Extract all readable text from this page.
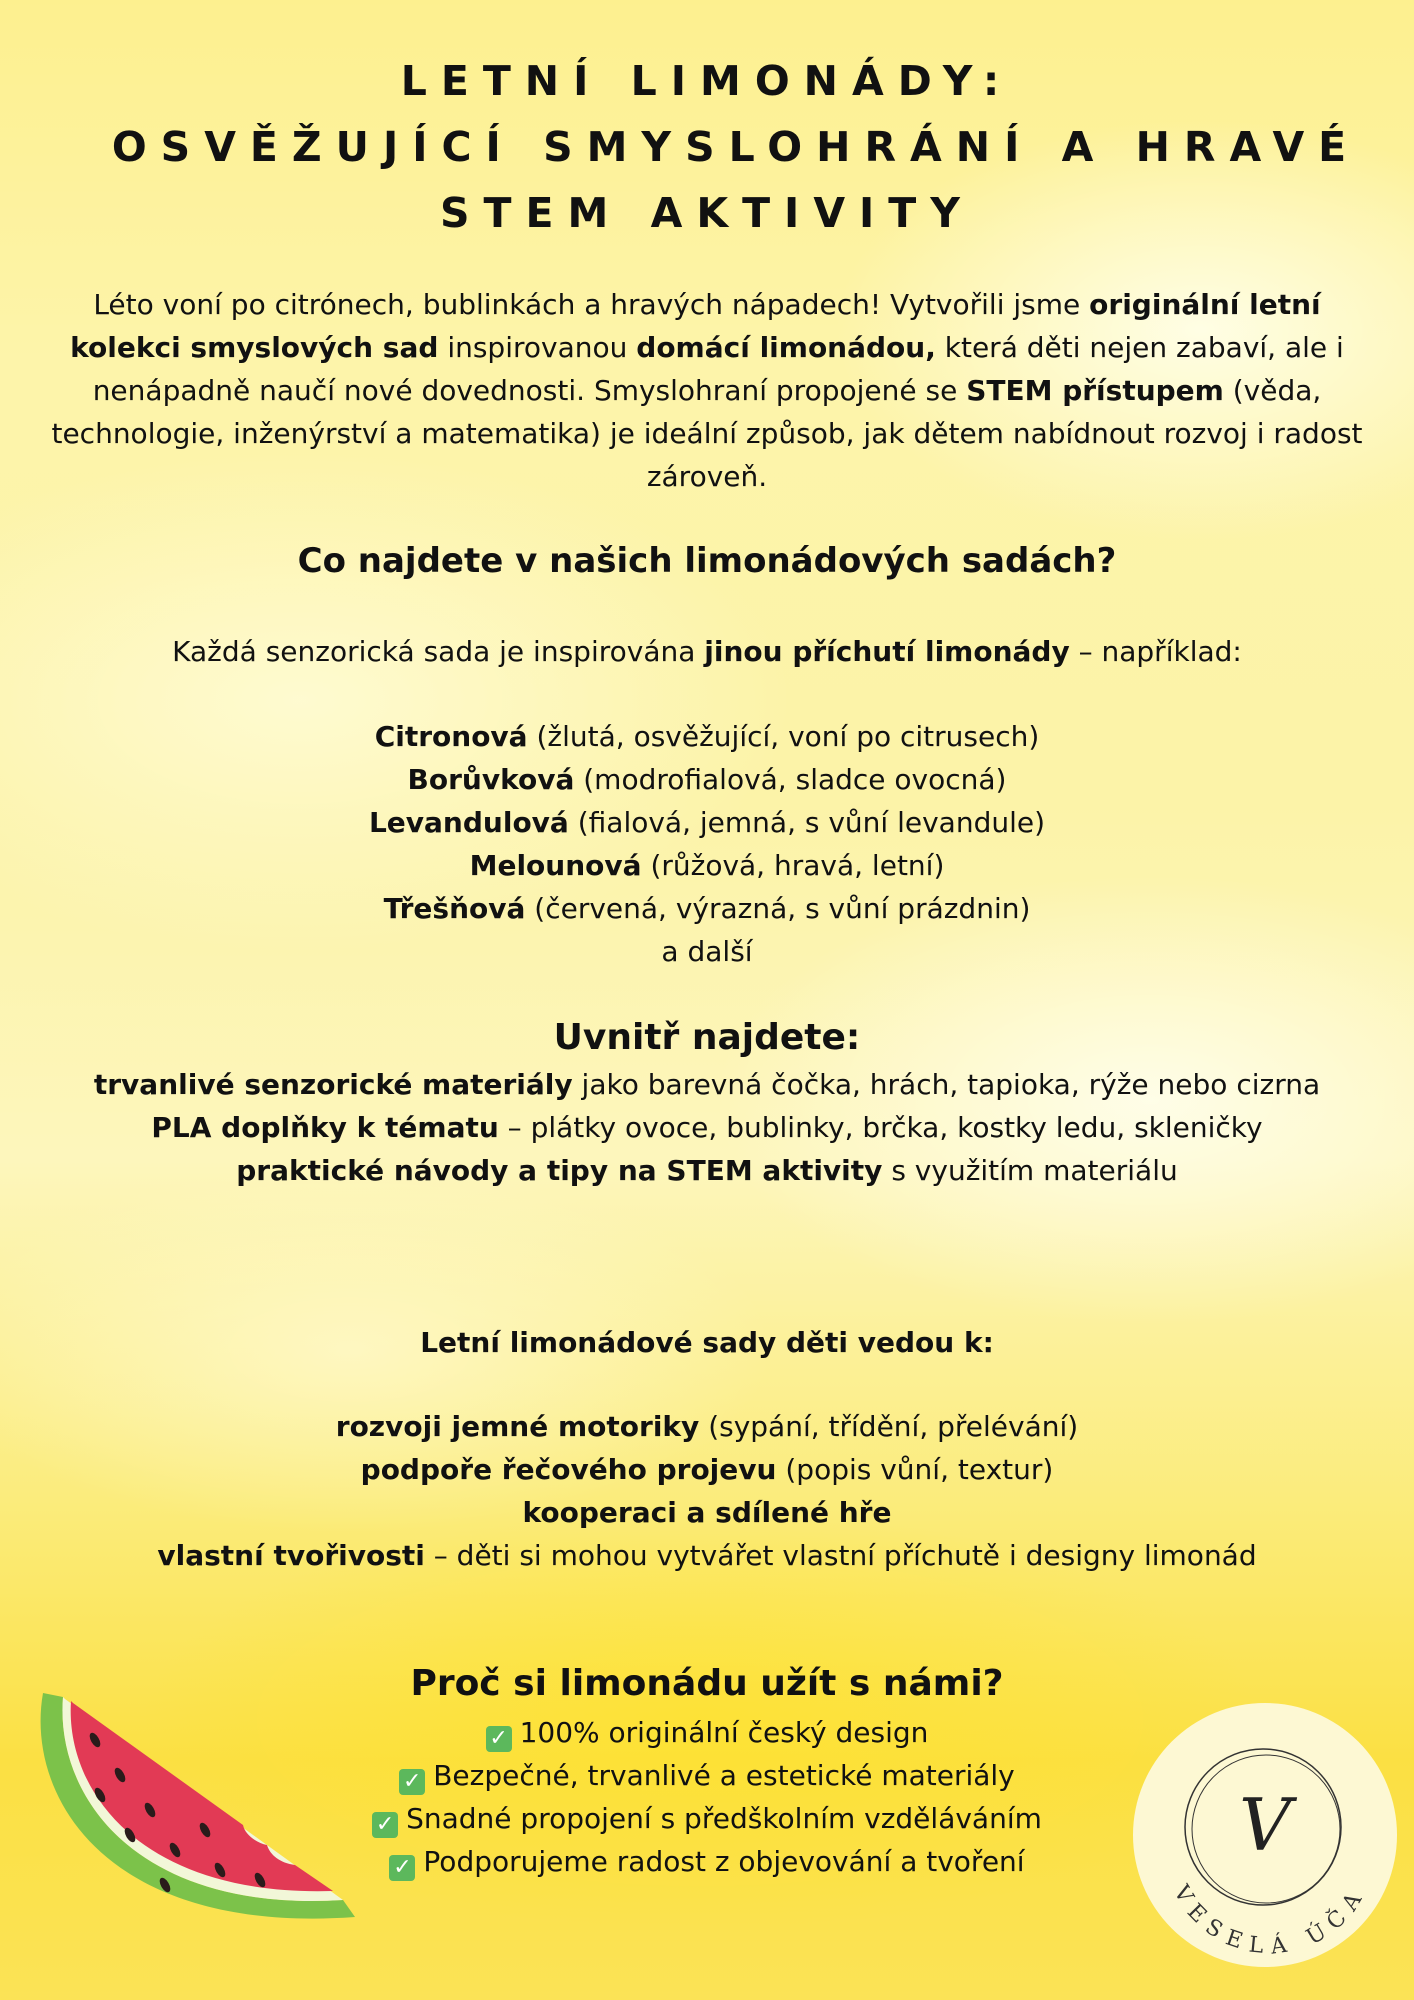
LETNÍ LIMONÁDY:
OSVĚŽUJÍCÍ SMYSLOHRÁNÍ A HRAVÉ
STEM AKTIVITY

Léto voní po citrónech, bublinkách a hravých nápadech! Vytvořili jsme originální letní kolekci smyslových sad inspirovanou domácí limonádou, která děti nejen zabaví, ale i nenápadně naučí nové dovednosti. Smyslohraní propojené se STEM přístupem (věda, technologie, inženýrství a matematika) je ideální způsob, jak dětem nabídnout rozvoj i radost zároveň.

Co najdete v našich limonádových sadách?

Každá senzorická sada je inspirována jinou příchutí limonády – například:

Citronová (žlutá, osvěžující, voní po citrusech)
Borůvková (modrofialová, sladce ovocná)
Levandulová (fialová, jemná, s vůní levandule)
Melounová (růžová, hravá, letní)
Třešňová (červená, výrazná, s vůní prázdnin)
a další
Uvnitř najdete:
trvanlivé senzorické materiály jako barevná čočka, hrách, tapioka, rýže nebo cizrna
PLA doplňky k tématu – plátky ovoce, bublinky, brčka, kostky ledu, skleničky
praktické návody a tipy na STEM aktivity s využitím materiálu
Letní limonádové sady děti vedou k:
rozvoji jemné motoriky (sypání, třídění, přelévání)
podpoře řečového projevu (popis vůní, textur)
kooperaci a sdílené hře
vlastní tvořivosti – děti si mohou vytvářet vlastní příchutě i designy limonád
Proč si limonádu užít s námi?
✓ 100% originální český design
✓ Bezpečné, trvanlivé a estetické materiály
✓ Snadné propojení s předškolním vzděláváním
✓ Podporujeme radost z objevování a tvoření	V
VESELÁ ÚČA
